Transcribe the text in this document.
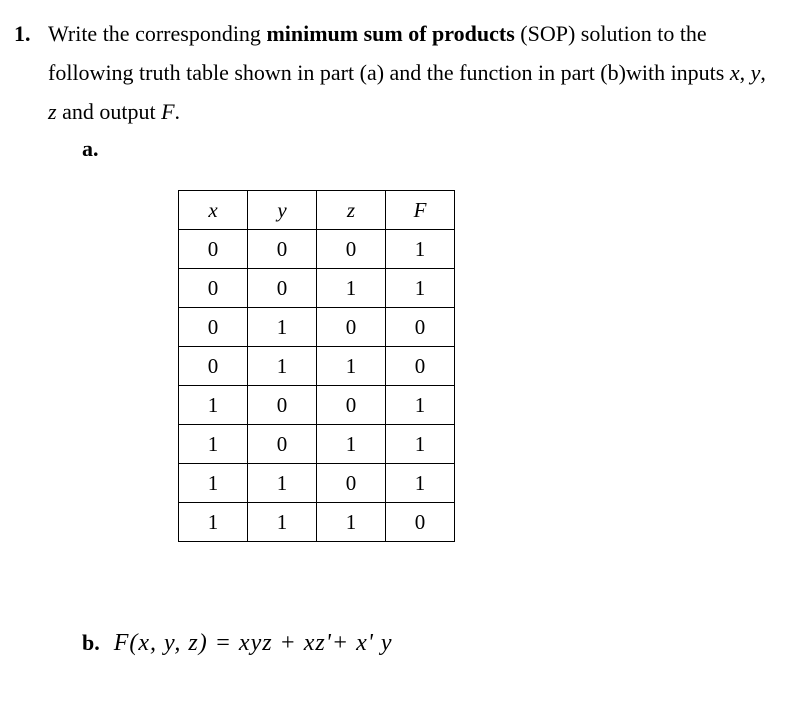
1. Write the corresponding minimum sum of products (SOP) solution to the
following truth table shown in part (a) and the function in part (b)with inputs x, y,
z and output F.
a.
x	y	z	F
0	0	0	1
0	0	1	1
0	1	0	0
0	1	1	0
1	0	0	1
1	0	1	1
1	1	0	1
1	1	1	0
b. F(x, y, z) = xyz + xz'+ x' y
